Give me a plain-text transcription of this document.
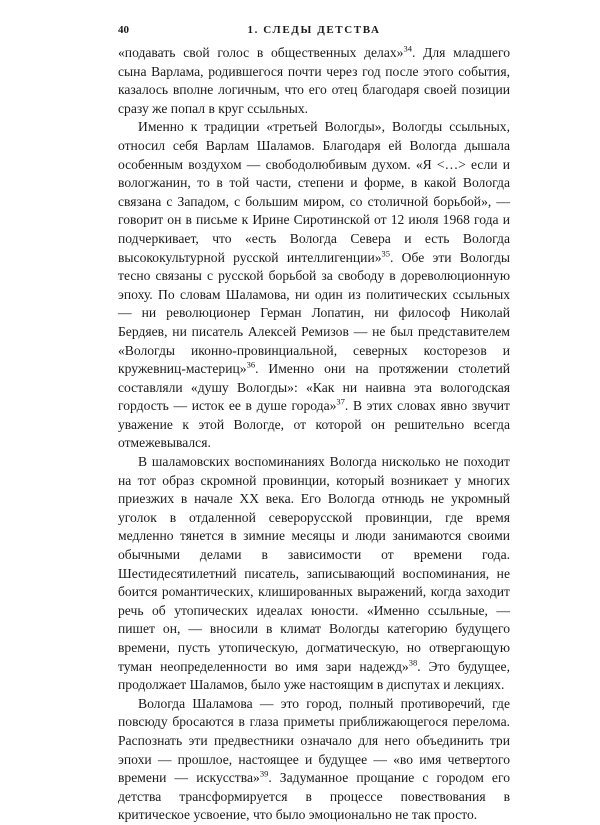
40	1. СЛЕДЫ ДЕТСТВА

«подавать свой голос в общественных делах»$^{34}$. Для младшего сына Варлама, родившегося почти через год после этого события, казалось вполне логичным, что его отец благодаря своей позиции сразу же попал в круг ссыльных.

Именно к традиции «третьей Вологды», Вологды ссыльных, относил себя Варлам Шаламов. Благодаря ей Вологда дышала особенным воздухом — свободолюбивым духом. «Я <…> если и вологжанин, то в той части, степени и форме, в какой Вологда связана с Западом, с большим миром, со столичной борьбой», — говорит он в письме к Ирине Сиротинской от 12 июля 1968 года и подчеркивает, что «есть Вологда Севера и есть Вологда высококультурной русской интеллигенции»$^{35}$. Обе эти Вологды тесно связаны с русской борьбой за свободу в дореволюционную эпоху. По словам Шаламова, ни один из политических ссыльных — ни революционер Герман Лопатин, ни философ Николай Бердяев, ни писатель Алексей Ремизов — не был представителем «Вологды иконно-провинциальной, северных косторезов и кружевниц-мастериц»$^{36}$. Именно они на протяжении столетий составляли «душу Вологды»: «Как ни наивна эта вологодская гордость — исток ее в душе города»$^{37}$. В этих словах явно звучит уважение к этой Вологде, от которой он решительно всегда отмежевывался.

В шаламовских воспоминаниях Вологда нисколько не походит на тот образ скромной провинции, который возникает у многих приезжих в начале XX века. Его Вологда отнюдь не укромный уголок в отдаленной северорусской провинции, где время медленно тянется в зимние месяцы и люди занимаются своими обычными делами в зависимости от времени года. Шестидесятилетний писатель, записывающий воспоминания, не боится романтических, клишированных выражений, когда заходит речь об утопических идеалах юности. «Именно ссыльные, — пишет он, — вносили в климат Вологды категорию будущего времени, пусть утопическую, догматическую, но отвергающую туман неопределенности во имя зари надежд»$^{38}$. Это будущее, продолжает Шаламов, было уже настоящим в диспутах и лекциях.

Вологда Шаламова — это город, полный противоречий, где повсюду бросаются в глаза приметы приближающегося перелома. Распознать эти предвестники означало для него объединить три эпохи — прошлое, настоящее и будущее — «во имя четвертого времени — искусства»$^{39}$. Задуманное прощание с городом его детства трансформируется в процессе повествования в критическое усвоение, что было эмоционально не так просто.
